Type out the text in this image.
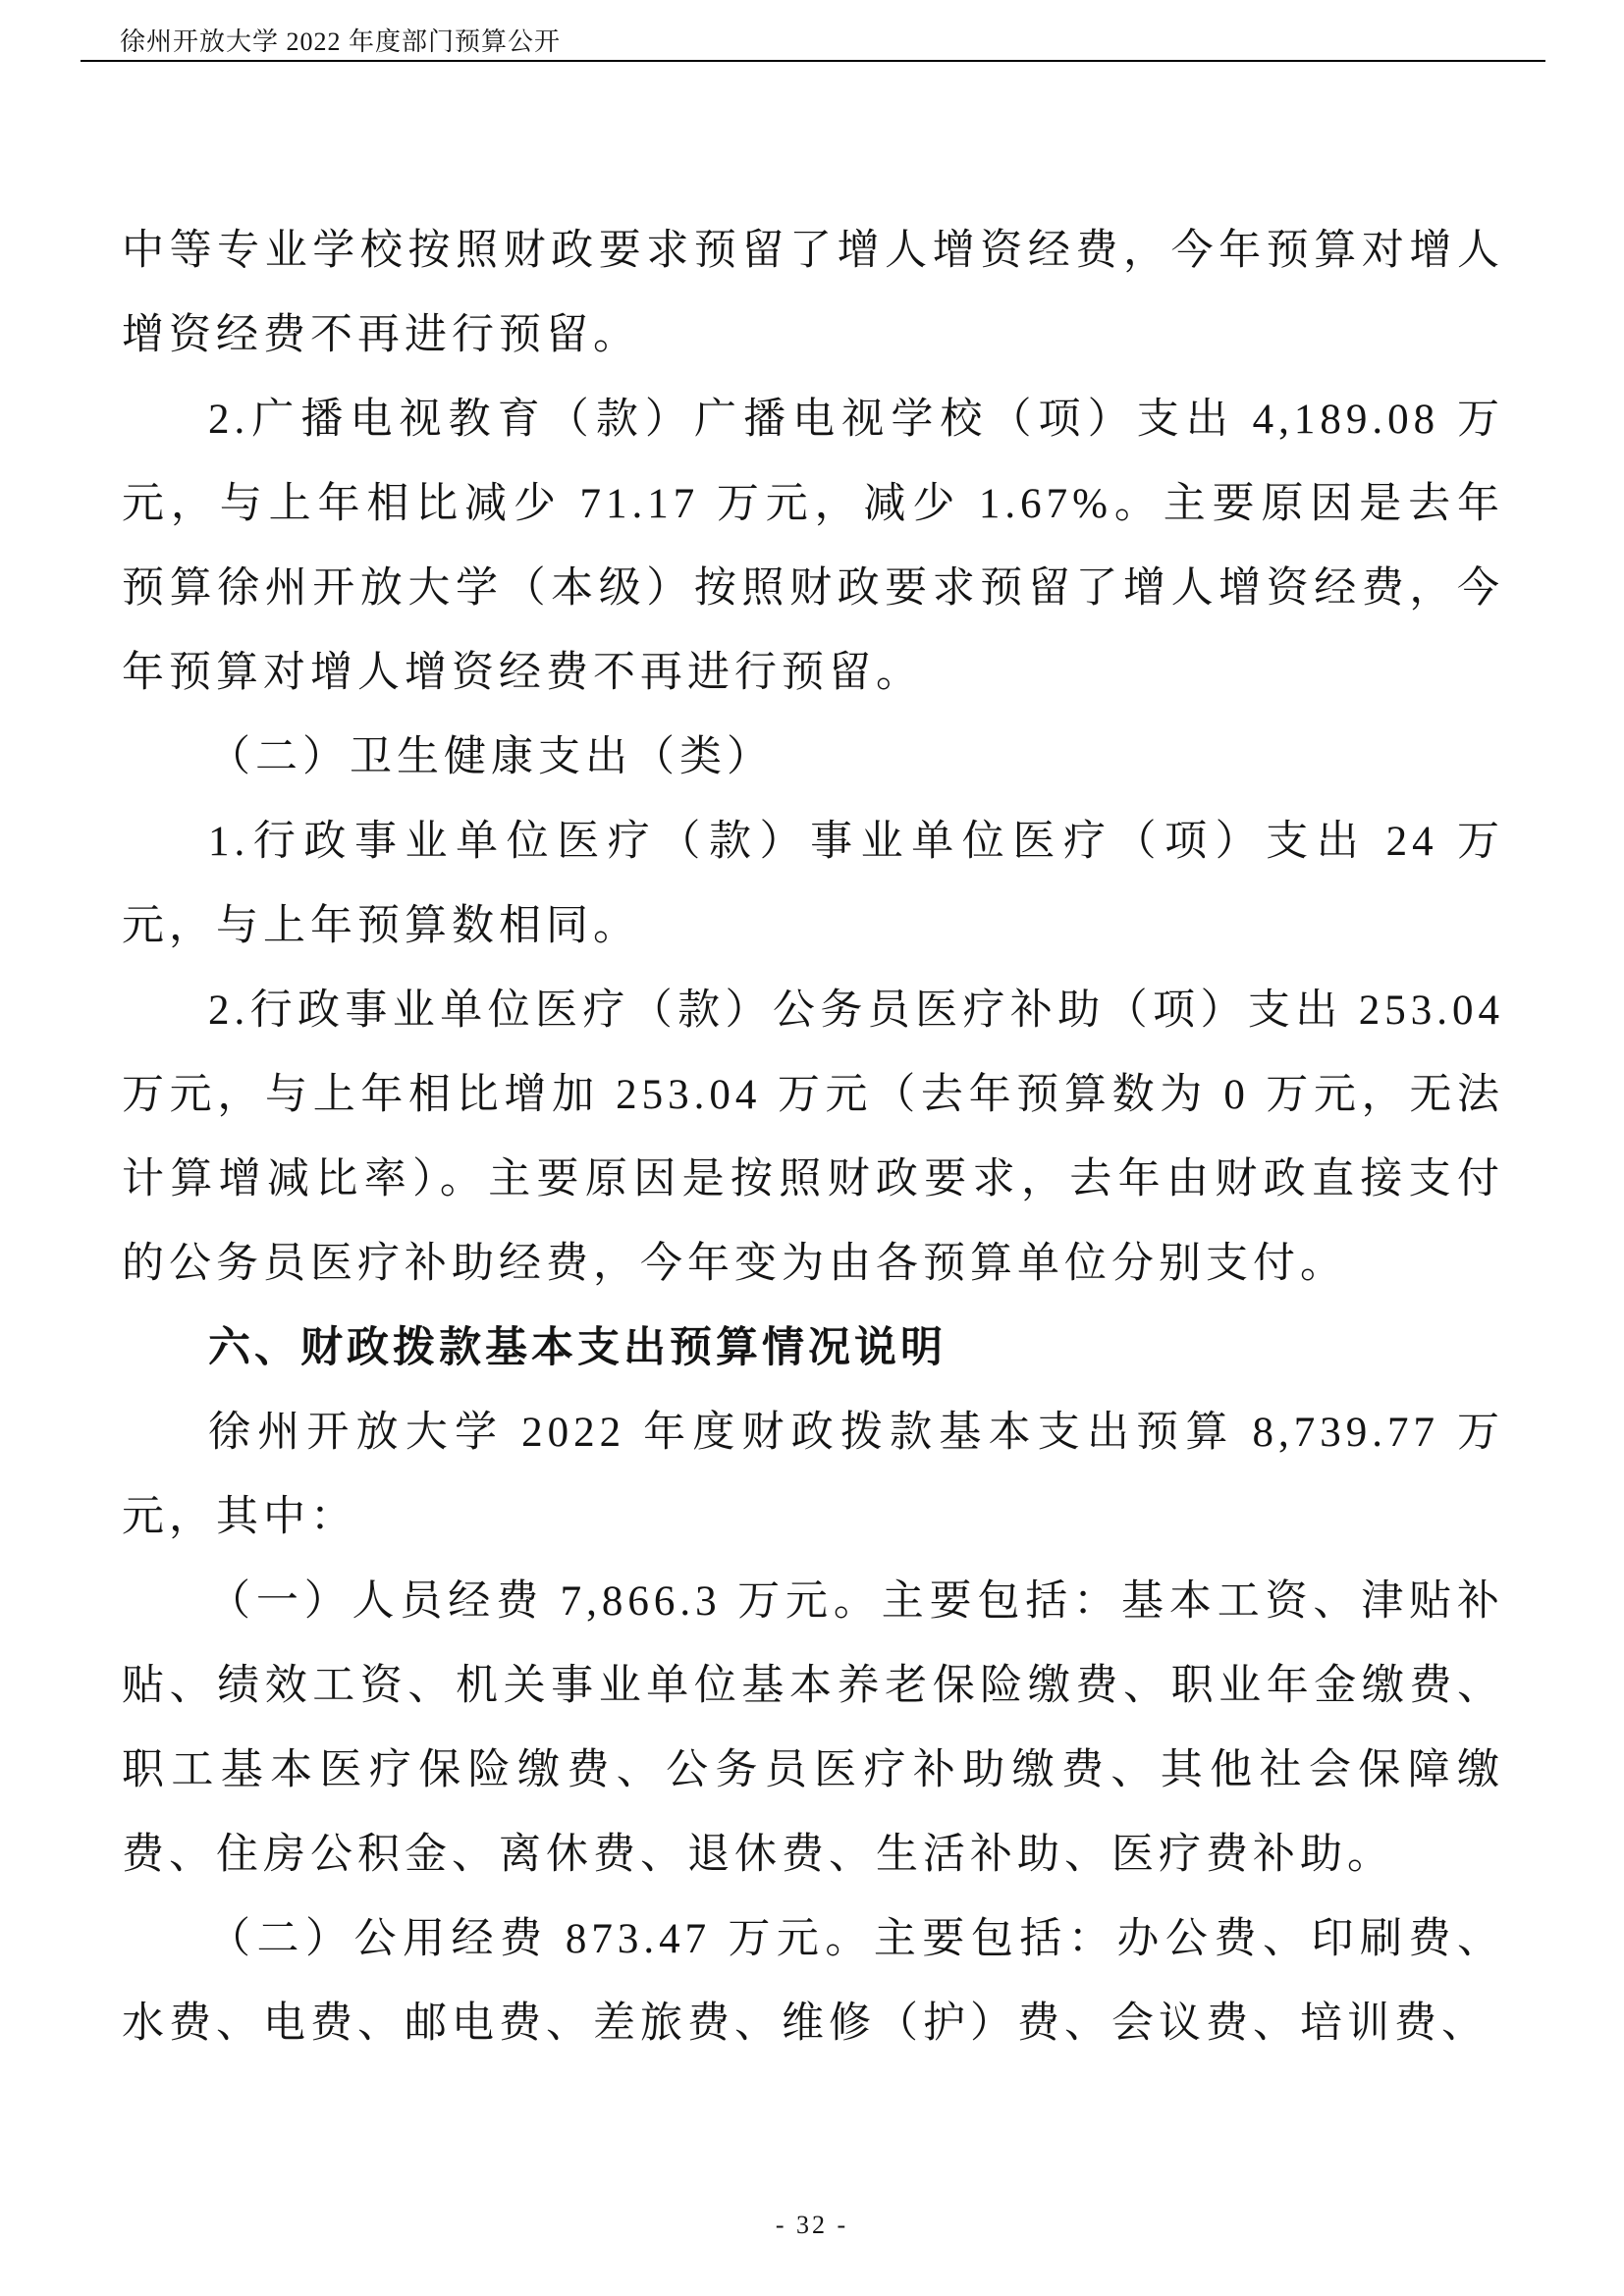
徐州开放大学 2022 年度部门预算公开

中等专业学校按照财政要求预留了增人增资经费，今年预算对增人增资经费不再进行预留。

2.广播电视教育（款）广播电视学校（项）支出 4,189.08 万元，与上年相比减少 71.17 万元，减少 1.67%。主要原因是去年预算徐州开放大学（本级）按照财政要求预留了增人增资经费，今年预算对增人增资经费不再进行预留。

（二）卫生健康支出（类）

1.行政事业单位医疗（款）事业单位医疗（项）支出 24 万元，与上年预算数相同。

2.行政事业单位医疗（款）公务员医疗补助（项）支出 253.04 万元，与上年相比增加 253.04 万元（去年预算数为 0 万元，无法计算增减比率）。主要原因是按照财政要求，去年由财政直接支付的公务员医疗补助经费，今年变为由各预算单位分别支付。

六、财政拨款基本支出预算情况说明

徐州开放大学 2022 年度财政拨款基本支出预算 8,739.77 万元，其中：

（一）人员经费 7,866.3 万元。主要包括：基本工资、津贴补贴、绩效工资、机关事业单位基本养老保险缴费、职业年金缴费、职工基本医疗保险缴费、公务员医疗补助缴费、其他社会保障缴费、住房公积金、离休费、退休费、生活补助、医疗费补助。

（二）公用经费 873.47 万元。主要包括：办公费、印刷费、水费、电费、邮电费、差旅费、维修（护）费、会议费、培训费、

- 32 -
